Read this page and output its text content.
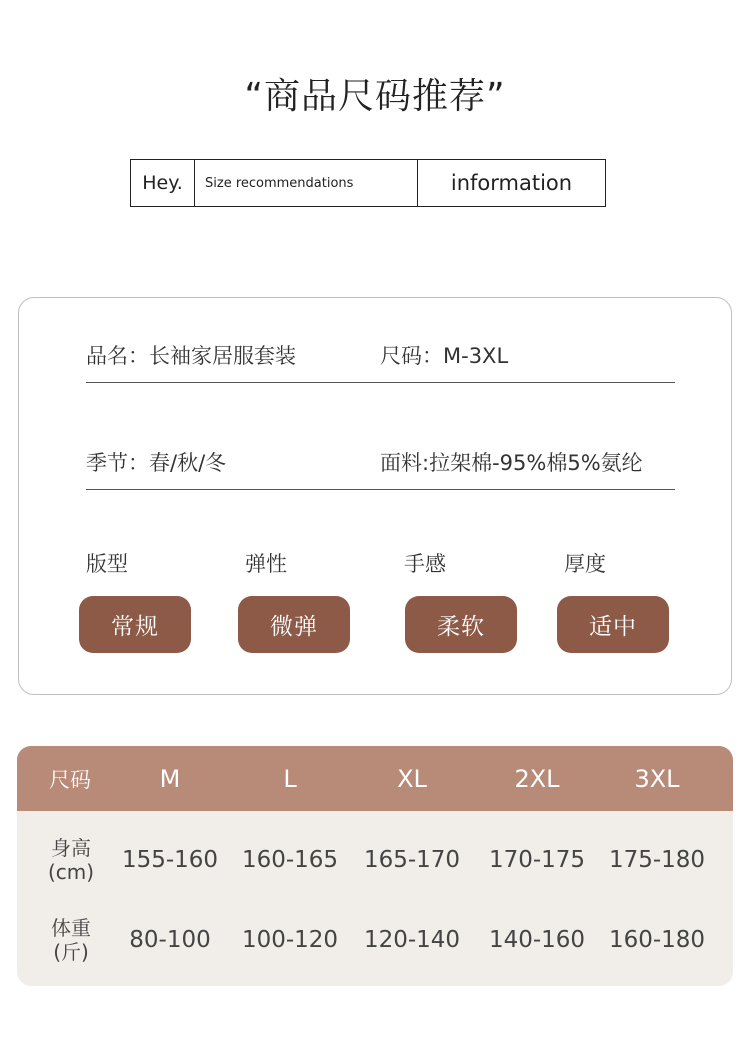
“商品尺码推荐”
Hey.	Size recommendations	information
品名：长袖家居服套装	尺码：M-3XL
季节：春/秋/冬	面料:拉架棉-95%棉5%氨纶
版型	弹性	手感	厚度
常规	微弹	柔软	适中
尺码	M	L	XL	2XL	3XL
身高
(cm)	155-160	160-165	165-170	170-175	175-180
体重
(斤)	80-100	100-120	120-140	140-160	160-180
